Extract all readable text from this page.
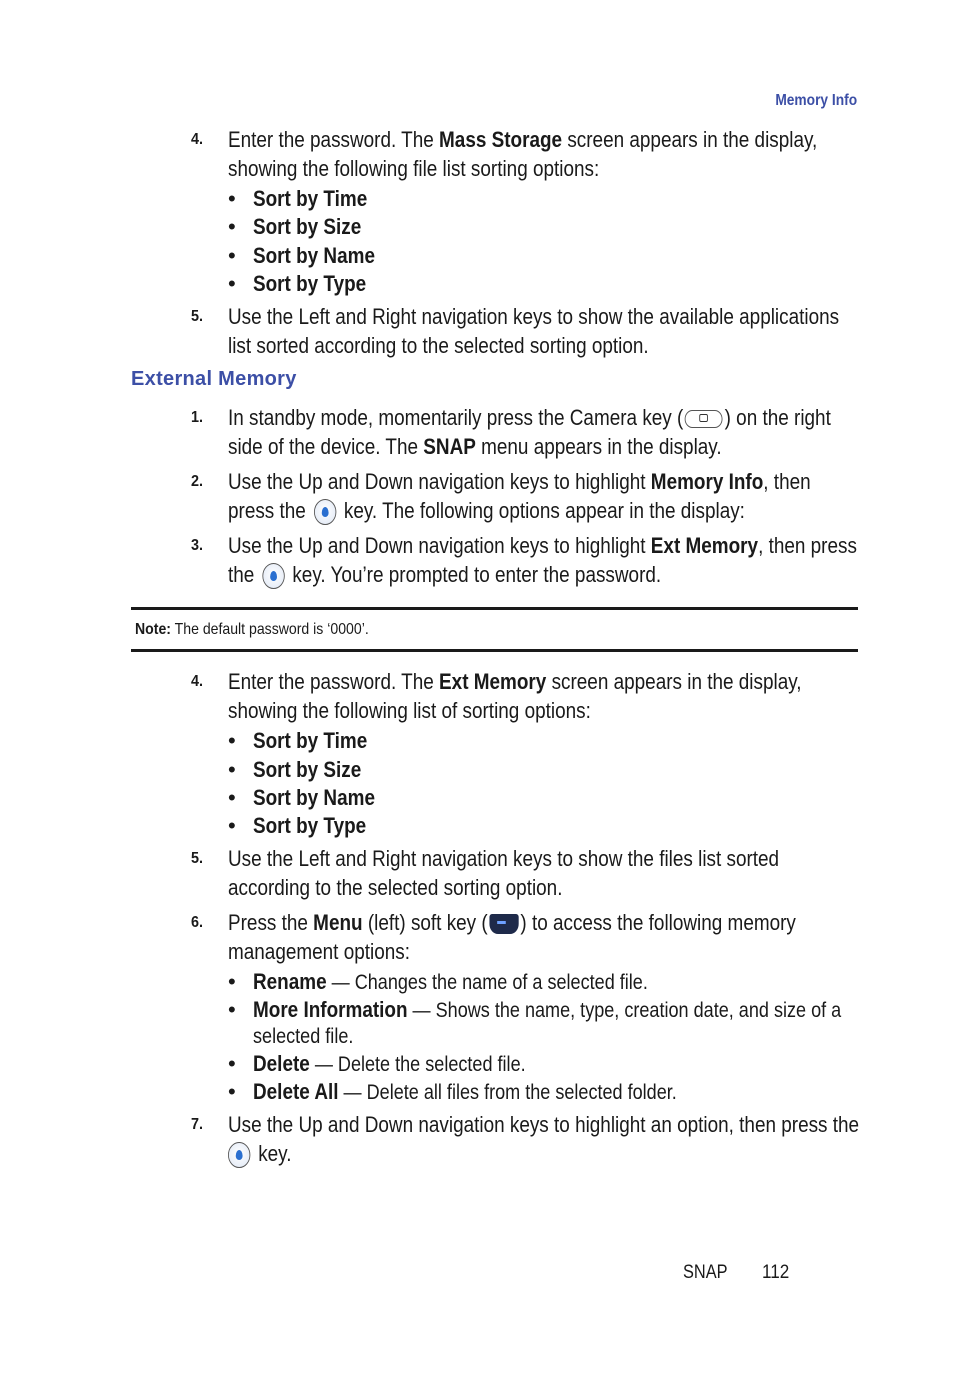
Memory Info
4. Enter the password. The Mass Storage screen appears in the display,
showing the following file list sorting options:
• Sort by Time
• Sort by Size
• Sort by Name
• Sort by Type
5. Use the Left and Right navigation keys to show the available applications
list sorted according to the selected sorting option.
External Memory
1. In standby mode, momentarily press the Camera key ( ) on the right
side of the device. The SNAP menu appears in the display.
2. Use the Up and Down navigation keys to highlight Memory Info, then
press the  key. The following options appear in the display:
3. Use the Up and Down navigation keys to highlight Ext Memory, then press
the  key. You’re prompted to enter the password.
Note: The default password is ‘0000’.
4. Enter the password. The Ext Memory screen appears in the display,
showing the following list of sorting options:
• Sort by Time
• Sort by Size
• Sort by Name
• Sort by Type
5. Use the Left and Right navigation keys to show the files list sorted
according to the selected sorting option.
6. Press the Menu (left) soft key ( ) to access the following memory
management options:
• Rename — Changes the name of a selected file.
• More Information — Shows the name, type, creation date, and size of a
selected file.
• Delete — Delete the selected file.
• Delete All — Delete all files from the selected folder.
7. Use the Up and Down navigation keys to highlight an option, then press the
key.
SNAP 112
